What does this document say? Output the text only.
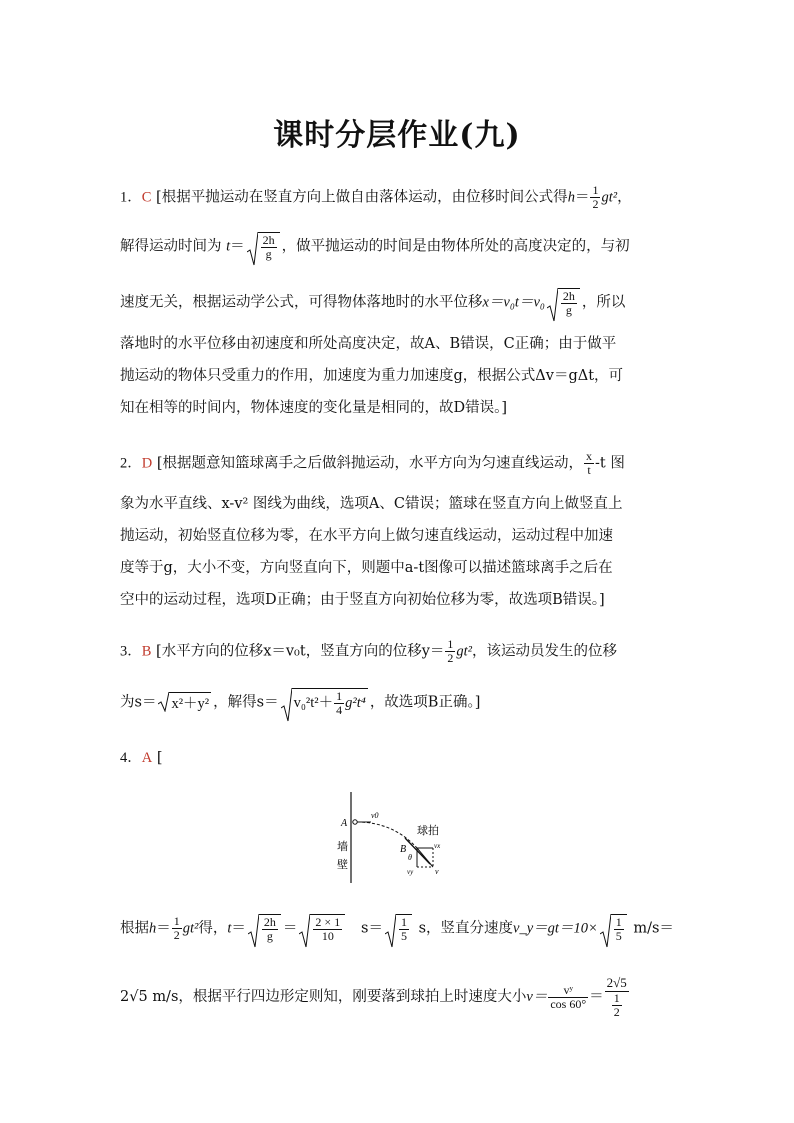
课时分层作业(九)
1．C [根据平抛运动在竖直方向上做自由落体运动，由位移时间公式得$h= \frac{1}{2} gt^2$，
解得运动时间为 $t= \frac{2h}{g}$ ，做平抛运动的时间是由物体所处的高度决定的，与初
速度无关，根据运动学公式，可得物体落地时的水平位移$x=v_0t=v_0 \frac{2h}{g}$ ，所以
落地时的水平位移由初速度和所处高度决定，故A、B错误，C正确；由于做平
抛运动的物体只受重力的作用，加速度为重力加速度g，根据公式Δv＝gΔt，可
知在相等的时间内，物体速度的变化量是相同的，故D错误。]
2．D [根据题意知篮球离手之后做斜抛运动，水平方向为匀速直线运动， $\frac{x}{t} -t$ 图
象为水平直线、x-v² 图线为曲线，选项A、C错误；篮球在竖直方向上做竖直上
抛运动，初始竖直位移为零，在水平方向上做匀速直线运动，运动过程中加速
度等于g，大小不变，方向竖直向下，则题中a-t图像可以描述篮球离手之后在
空中的运动过程，选项D正确；由于竖直方向初始位移为零，故选项B错误。]
3．B [水平方向的位移x＝v₀t，竖直方向的位移$y= \frac{1}{2} gt^2$，该运动员发生的位移
为s＝ x²＋y² ，解得$s= v_0^2t^2+ \frac{1}{4} g^2t^4$ ，故选项B正确。]
4．A [
A
v0
球拍
B	vx
vy	v
θ
墙
壁
根据$h= \frac{1}{2} gt^2$得，$t= \frac{2h}{g} = \frac{2 \times 1}{10} s= \frac{1}{5}$ s，竖直分速度v_y＝gt＝10× $\frac{1}{5} m/s=$
2√5 m/s，根据平行四边形定则知，刚要落到球拍上时速度大小$v= \frac{\text{vʸ}}{\cos 60^\circ} = \frac{2√5}{\frac{1}{2}}$
